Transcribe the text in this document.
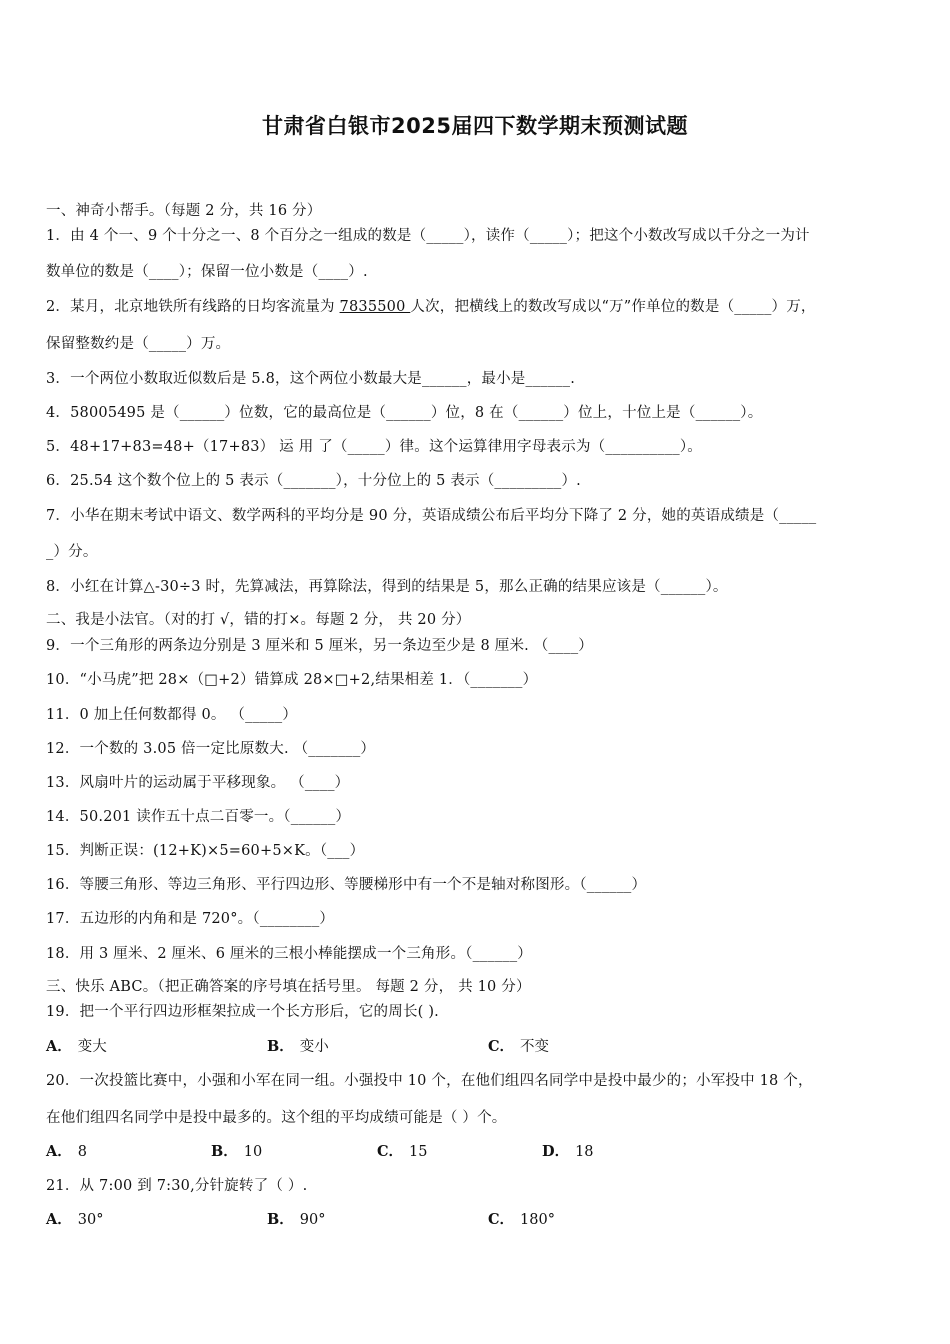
甘肃省白银市2025届四下数学期末预测试题
一、神奇小帮手。（每题 2 分，共 16 分）
1．由 4 个一、9 个十分之一、8 个百分之一组成的数是（_____），读作（_____）；把这个小数改写成以千分之一为计
数单位的数是（____）；保留一位小数是（____）.
2．某月，北京地铁所有线路的日均客流量为 7835500 人次，把横线上的数改写成以“万”作单位的数是（_____）万，
保留整数约是（_____）万。
3．一个两位小数取近似数后是 5.8，这个两位小数最大是______，最小是______.
4．58005495 是（______）位数，它的最高位是（______）位，8 在（______）位上，十位上是（______）。
5．48+17+83=48+（17+83） 运 用 了（_____）律。这个运算律用字母表示为（__________）。
6．25.54 这个数个位上的 5 表示（_______），十分位上的 5 表示（_________）.
7．小华在期末考试中语文、数学两科的平均分是 90 分，英语成绩公布后平均分下降了 2 分，她的英语成绩是（_____
_）分。
8．小红在计算△-30÷3 时，先算减法，再算除法，得到的结果是 5，那么正确的结果应该是（______）。
二、我是小法官。（对的打 √，错的打×。每题 2 分， 共 20 分）
9．一个三角形的两条边分别是 3 厘米和 5 厘米，另一条边至少是 8 厘米. （____）
10．“小马虎”把 28×（□+2）错算成 28×□+2,结果相差 1．（_______）
11．0 加上任何数都得 0。 （_____）
12．一个数的 3.05 倍一定比原数大. （_______）
13．风扇叶片的运动属于平移现象。 （____）
14．50.201 读作五十点二百零一。（______）
15．判断正误：(12+K)×5=60+5×K。（___）
16．等腰三角形、等边三角形、平行四边形、等腰梯形中有一个不是轴对称图形。（______）
17．五边形的内角和是 720°。（________）
18．用 3 厘米、2 厘米、6 厘米的三根小棒能摆成一个三角形。（______）
三、快乐 ABC。（把正确答案的序号填在括号里。 每题 2 分， 共 10 分）
19．把一个平行四边形框架拉成一个长方形后，它的周长( ).
A． 变大	B． 变小	C． 不变
20．一次投篮比赛中，小强和小军在同一组。小强投中 10 个，在他们组四名同学中是投中最少的；小军投中 18 个，
在他们组四名同学中是投中最多的。这个组的平均成绩可能是（ ）个。
A． 8	B． 10	C． 15	D． 18
21．从 7:00 到 7:30,分针旋转了（ ）.
A． 30°	B． 90°	C． 180°
